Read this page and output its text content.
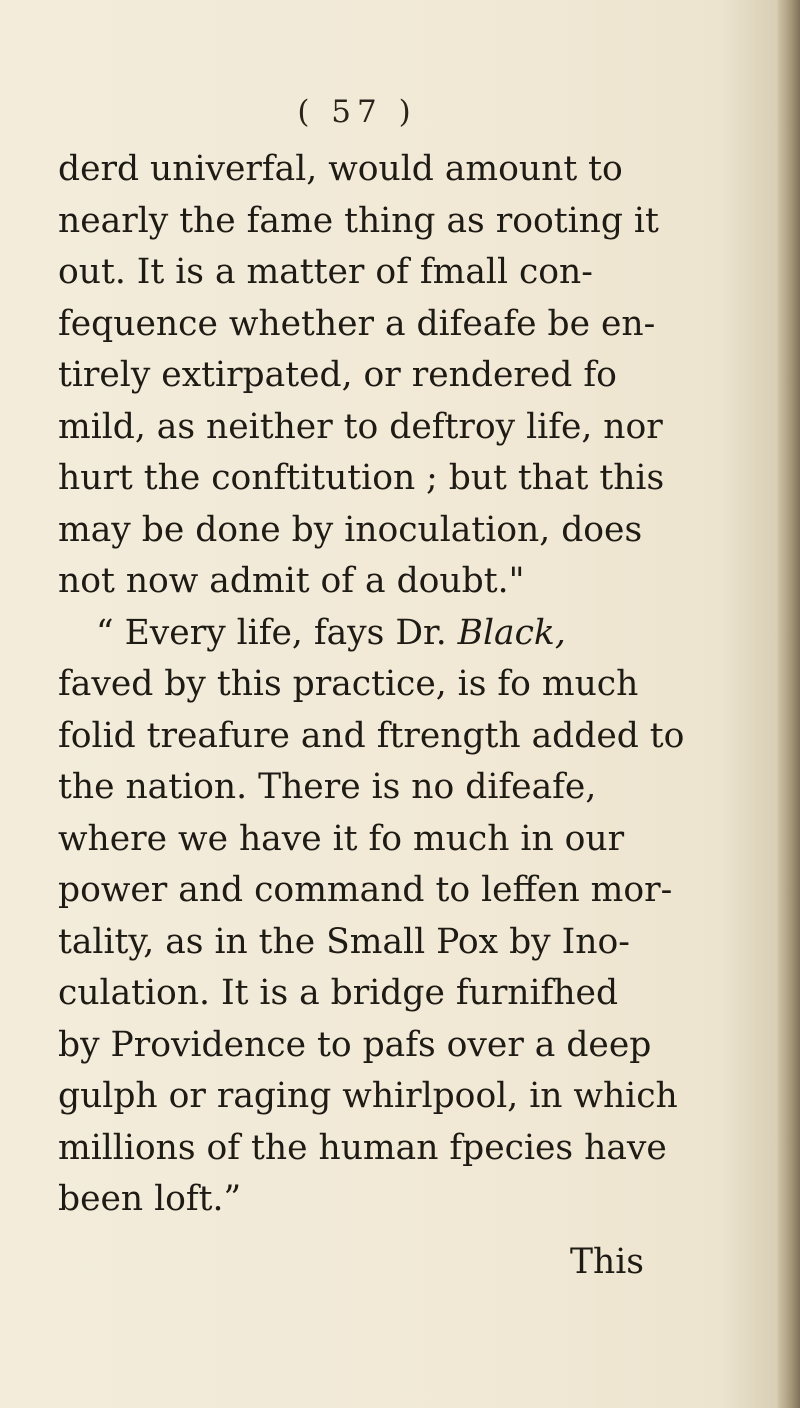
( 57 )
derd univerfal, would amount to
nearly the fame thing as rooting it
out. It is a matter of fmall con-
fequence whether a difeafe be en-
tirely extirpated, or rendered fo
mild, as neither to deftroy life, nor
hurt the conftitution ; but that this
may be done by inoculation, does
not now admit of a doubt."
“ Every life, fays Dr. Black,
faved by this practice, is fo much
folid treafure and ftrength added to
the nation. There is no difeafe,
where we have it fo much in our
power and command to leffen mor-
tality, as in the Small Pox by Ino-
culation. It is a bridge furnifhed
by Providence to pafs over a deep
gulph or raging whirlpool, in which
millions of the human fpecies have
been loft.”
This
